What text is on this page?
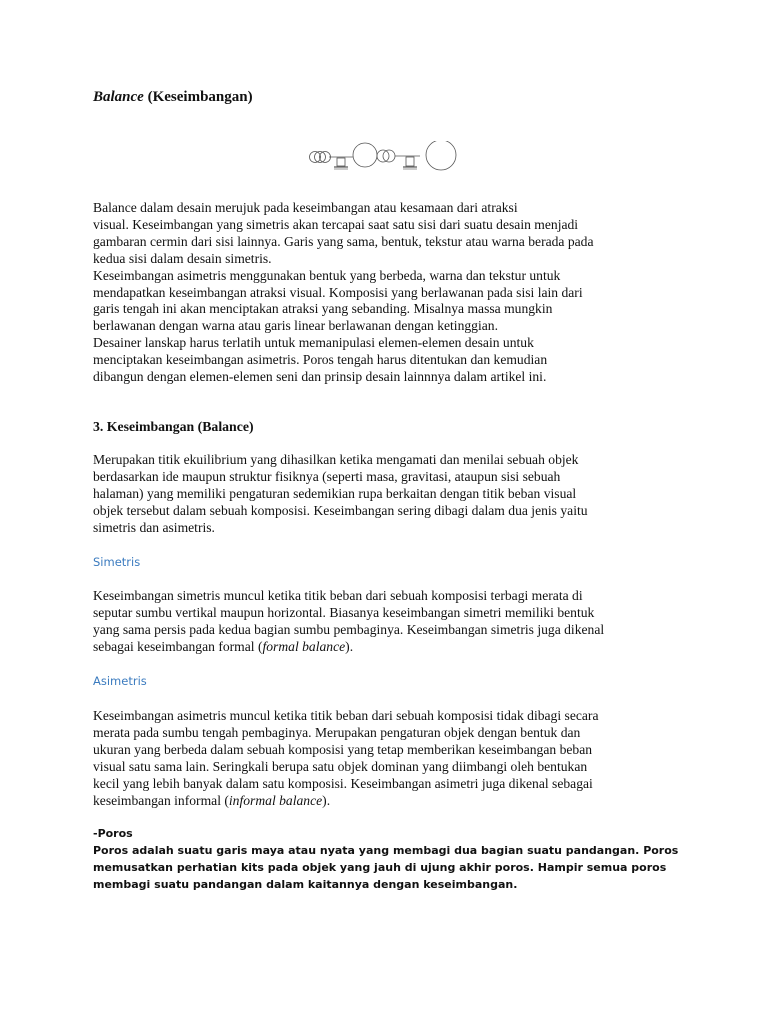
Balance (Keseimbangan)
Balance dalam desain merujuk pada keseimbangan atau kesamaan dari atraksi
visual. Keseimbangan yang simetris akan tercapai saat satu sisi dari suatu desain menjadi
gambaran cermin dari sisi lainnya. Garis yang sama, bentuk, tekstur atau warna berada pada
kedua sisi dalam desain simetris.
Keseimbangan asimetris menggunakan bentuk yang berbeda, warna dan tekstur untuk
mendapatkan keseimbangan atraksi visual. Komposisi yang berlawanan pada sisi lain dari
garis tengah ini akan menciptakan atraksi yang sebanding. Misalnya massa mungkin
berlawanan dengan warna atau garis linear berlawanan dengan ketinggian.
Desainer lanskap harus terlatih untuk memanipulasi elemen-elemen desain untuk
menciptakan keseimbangan asimetris. Poros tengah harus ditentukan dan kemudian
dibangun dengan elemen-elemen seni dan prinsip desain lainnnya dalam artikel ini.
3. Keseimbangan (Balance)
Merupakan titik ekuilibrium yang dihasilkan ketika mengamati dan menilai sebuah objek
berdasarkan ide maupun struktur fisiknya (seperti masa, gravitasi, ataupun sisi sebuah
halaman) yang memiliki pengaturan sedemikian rupa berkaitan dengan titik beban visual
objek tersebut dalam sebuah komposisi. Keseimbangan sering dibagi dalam dua jenis yaitu
simetris dan asimetris.
Simetris
Keseimbangan simetris muncul ketika titik beban dari sebuah komposisi terbagi merata di
seputar sumbu vertikal maupun horizontal. Biasanya keseimbangan simetri memiliki bentuk
yang sama persis pada kedua bagian sumbu pembaginya. Keseimbangan simetris juga dikenal
sebagai keseimbangan formal (formal balance).
Asimetris
Keseimbangan asimetris muncul ketika titik beban dari sebuah komposisi tidak dibagi secara
merata pada sumbu tengah pembaginya. Merupakan pengaturan objek dengan bentuk dan
ukuran yang berbeda dalam sebuah komposisi yang tetap memberikan keseimbangan beban
visual satu sama lain. Seringkali berupa satu objek dominan yang diimbangi oleh bentukan
kecil yang lebih banyak dalam satu komposisi. Keseimbangan asimetri juga dikenal sebagai
keseimbangan informal (informal balance).
-Poros
Poros adalah suatu garis maya atau nyata yang membagi dua bagian suatu pandangan. Poros
memusatkan perhatian kits pada objek yang jauh di ujung akhir poros. Hampir semua poros
membagi suatu pandangan dalam kaitannya dengan keseimbangan.
